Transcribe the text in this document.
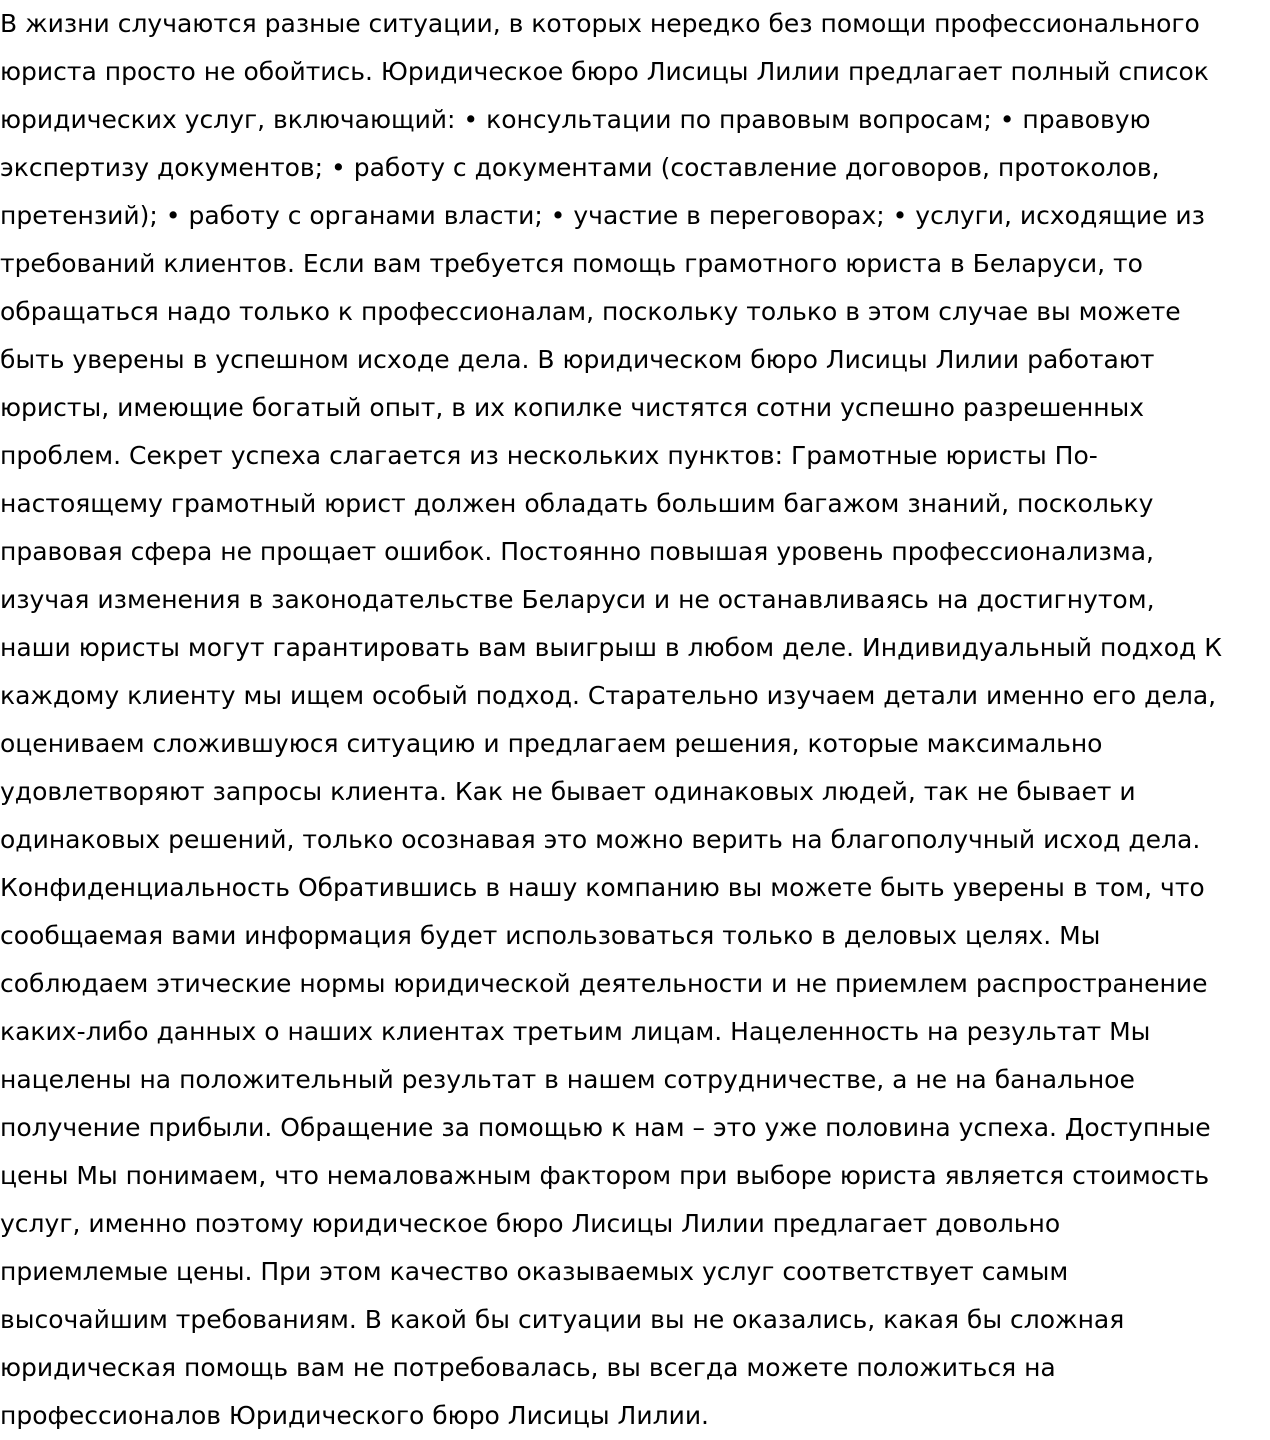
В жизни случаются разные ситуации, в которых нередко без помощи профессионального
юриста просто не обойтись. Юридическое бюро Лисицы Лилии предлагает полный список
юридических услуг, включающий: • консультации по правовым вопросам; • правовую
экспертизу документов; • работу с документами (составление договоров, протоколов,
претензий); • работу с органами власти; • участие в переговорах; • услуги, исходящие из
требований клиентов. Если вам требуется помощь грамотного юриста в Беларуси, то
обращаться надо только к профессионалам, поскольку только в этом случае вы можете
быть уверены в успешном исходе дела. В юридическом бюро Лисицы Лилии работают
юристы, имеющие богатый опыт, в их копилке чистятся сотни успешно разрешенных
проблем. Секрет успеха слагается из нескольких пунктов: Грамотные юристы По-
настоящему грамотный юрист должен обладать большим багажом знаний, поскольку
правовая сфера не прощает ошибок. Постоянно повышая уровень профессионализма,
изучая изменения в законодательстве Беларуси и не останавливаясь на достигнутом,
наши юристы могут гарантировать вам выигрыш в любом деле. Индивидуальный подход К
каждому клиенту мы ищем особый подход. Старательно изучаем детали именно его дела,
оцениваем сложившуюся ситуацию и предлагаем решения, которые максимально
удовлетворяют запросы клиента. Как не бывает одинаковых людей, так не бывает и
одинаковых решений, только осознавая это можно верить на благополучный исход дела.
Конфиденциальность Обратившись в нашу компанию вы можете быть уверены в том, что
сообщаемая вами информация будет использоваться только в деловых целях. Мы
соблюдаем этические нормы юридической деятельности и не приемлем распространение
каких-либо данных о наших клиентах третьим лицам. Нацеленность на результат Мы
нацелены на положительный результат в нашем сотрудничестве, а не на банальное
получение прибыли. Обращение за помощью к нам – это уже половина успеха. Доступные
цены Мы понимаем, что немаловажным фактором при выборе юриста является стоимость
услуг, именно поэтому юридическое бюро Лисицы Лилии предлагает довольно
приемлемые цены. При этом качество оказываемых услуг соответствует самым
высочайшим требованиям. В какой бы ситуации вы не оказались, какая бы сложная
юридическая помощь вам не потребовалась, вы всегда можете положиться на
профессионалов Юридического бюро Лисицы Лилии.
